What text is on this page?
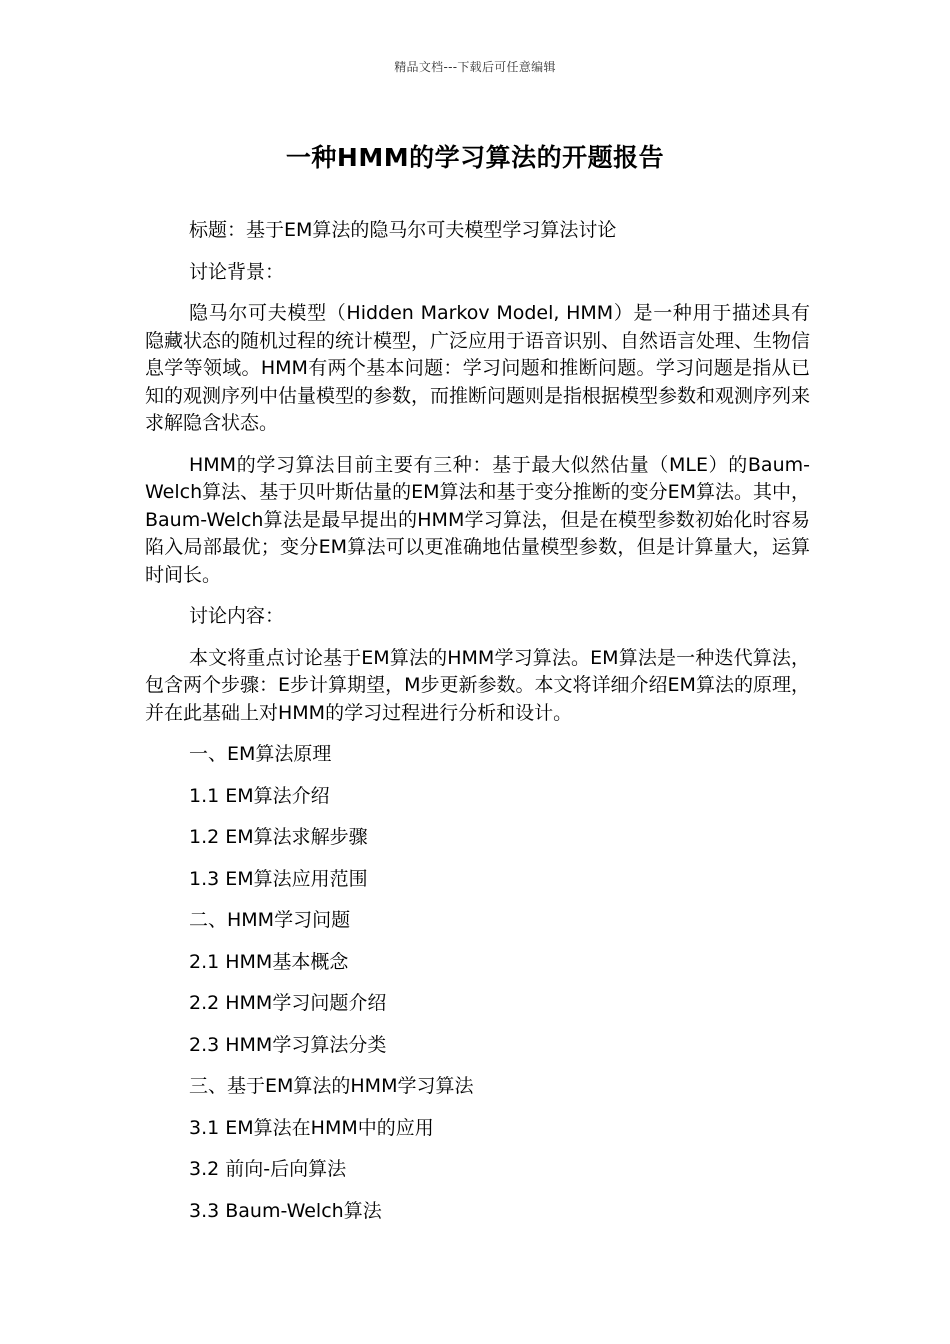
精品文档---下载后可任意编辑
一种HMM的学习算法的开题报告
标题：基于EM算法的隐马尔可夫模型学习算法讨论
讨论背景：

隐马尔可夫模型（Hidden Markov Model, HMM）是一种用于描述具有隐藏状态的随机过程的统计模型，广泛应用于语音识别、自然语言处理、生物信息学等领域。HMM有两个基本问题：学习问题和推断问题。学习问题是指从已知的观测序列中估量模型的参数，而推断问题则是指根据模型参数和观测序列来求解隐含状态。

HMM的学习算法目前主要有三种：基于最大似然估量（MLE）的Baum-Welch算法、基于贝叶斯估量的EM算法和基于变分推断的变分EM算法。其中，Baum-Welch算法是最早提出的HMM学习算法，但是在模型参数初始化时容易陷入局部最优；变分EM算法可以更准确地估量模型参数，但是计算量大，运算时间长。

讨论内容：

本文将重点讨论基于EM算法的HMM学习算法。EM算法是一种迭代算法，包含两个步骤：E步计算期望，M步更新参数。本文将详细介绍EM算法的原理，并在此基础上对HMM的学习过程进行分析和设计。

一、EM算法原理
1.1 EM算法介绍
1.2 EM算法求解步骤
1.3 EM算法应用范围
二、HMM学习问题
2.1 HMM基本概念
2.2 HMM学习问题介绍
2.3 HMM学习算法分类
三、基于EM算法的HMM学习算法
3.1 EM算法在HMM中的应用
3.2 前向-后向算法
3.3 Baum-Welch算法
